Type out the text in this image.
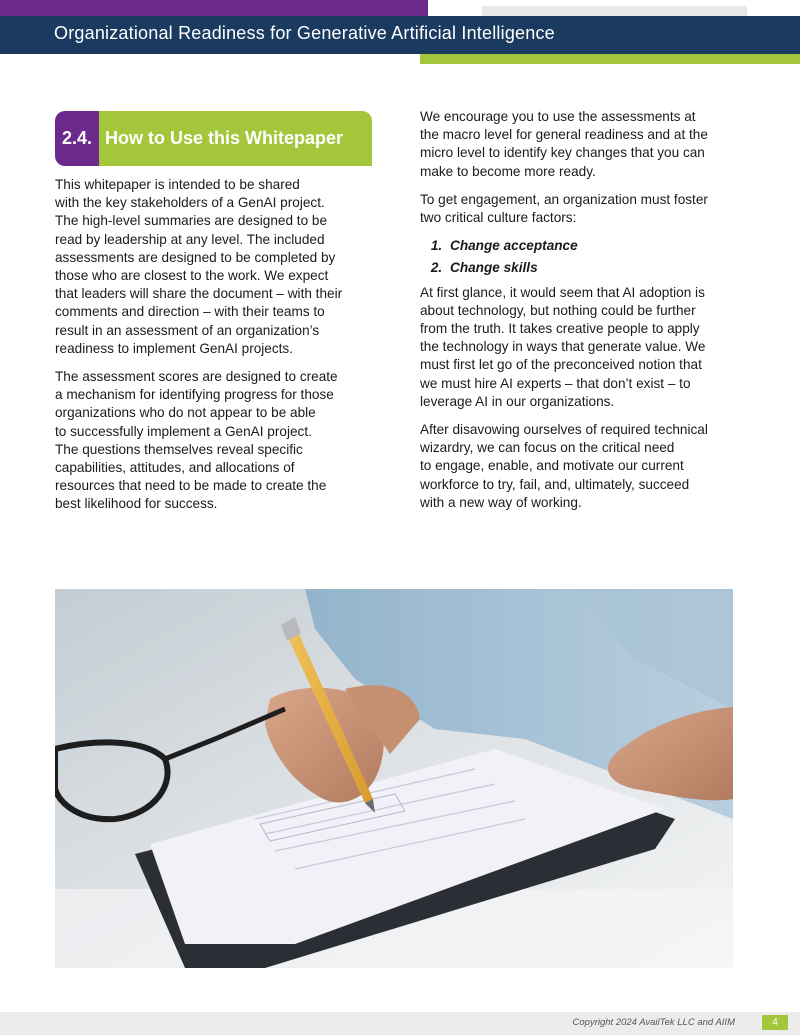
Organizational Readiness for Generative Artificial Intelligence
2.4. How to Use this Whitepaper

This whitepaper is intended to be shared
with the key stakeholders of a GenAI project.
The high-level summaries are designed to be
read by leadership at any level. The included
assessments are designed to be completed by
those who are closest to the work. We expect
that leaders will share the document – with their
comments and direction – with their teams to
result in an assessment of an organization’s
readiness to implement GenAI projects.

The assessment scores are designed to create
a mechanism for identifying progress for those
organizations who do not appear to be able
to successfully implement a GenAI project.
The questions themselves reveal specific
capabilities, attitudes, and allocations of
resources that need to be made to create the
best likelihood for success.

We encourage you to use the assessments at
the macro level for general readiness and at the
micro level to identify key changes that you can
make to become more ready.

To get engagement, an organization must foster
two critical culture factors:

1. Change acceptance
2. Change skills

At first glance, it would seem that AI adoption is
about technology, but nothing could be further
from the truth. It takes creative people to apply
the technology in ways that generate value. We
must first let go of the preconceived notion that
we must hire AI experts – that don’t exist – to
leverage AI in our organizations.

After disavowing ourselves of required technical
wizardry, we can focus on the critical need
to engage, enable, and motivate our current
workforce to try, fail, and, ultimately, succeed
with a new way of working.

Copyright 2024 AvailTek LLC and AIIM	4
